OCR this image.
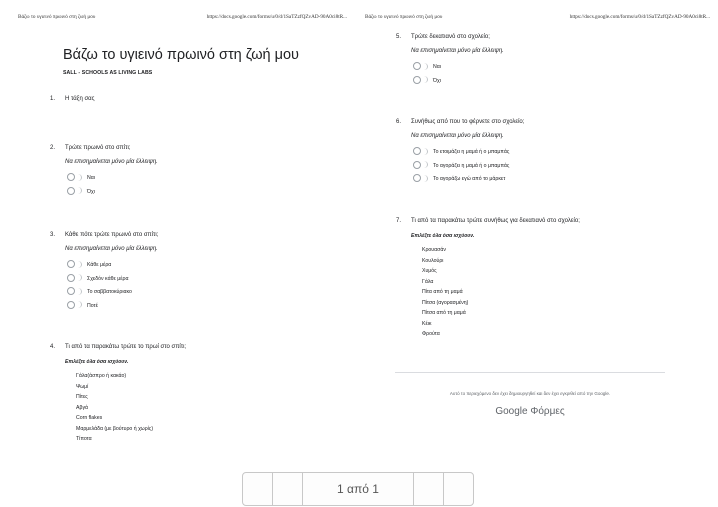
Βάζω το υγιεινό πρωινό στη ζωή μου	https://docs.google.com/forms/u/0/d/1SaTZzfQZvAD-90A0ci8tR...
Βάζω το υγιεινό πρωινό στη ζωή μου
SALL - SCHOOLS AS LIVING LABS
1. Η τάξη σας
2. Τρώτε πρωινό στο σπίτι;
Να επισημαίνεται μόνο μία έλλειψη.
Ναι
Όχι
3. Κάθε πότε τρώτε πρωινό στο σπίτι;
Να επισημαίνεται μόνο μία έλλειψη.
Κάθε μέρα
Σχεδόν κάθε μέρα
Το σαββατοκύριακο
Ποτέ
4. Τι από τα παρακάτω τρώτε το πρωί στο σπίτι;
Επιλέξτε όλα όσα ισχύουν.
Γάλα(άσπρο ή κακάο)
Ψωμί
Πίτες
Αβγά
Corn flakes
Μαρμελάδα (με βούτυρο ή χωρίς)
Τίποτα
Βάζω το υγιεινό πρωινό στη ζωή μου	https://docs.google.com/forms/u/0/d/1SaTZzfQZvAD-90A0ci8tR...
5. Τρώτε δεκατιανό στο σχολείο;
Να επισημαίνεται μόνο μία έλλειψη.
Ναι
Όχι
6. Συνήθως από που το φέρνετε στο σχολείο;
Να επισημαίνεται μόνο μία έλλειψη.
Το ετοιμάζει η μαμά ή ο μπαμπάς
Το αγοράζει η μαμά ή ο μπαμπάς
Το αγοράζω εγώ από το μάρκετ
7. Τι από τα παρακάτω τρώτε συνήθως για δεκατιανό στο σχολείο;
Επιλέξτε όλα όσα ισχύουν.
Κρουασάν
Κουλούρι
Χυμός
Γάλα
Πίτα από τη μαμά
Πίτσα (αγορασμένη)
Πίτσα από τη μαμά
Κέικ
Φρούτα
Αυτό το περιεχόμενο δεν έχει δημιουργηθεί και δεν έχει εγκριθεί από την Google.
Google Φόρμες
1 από 1
